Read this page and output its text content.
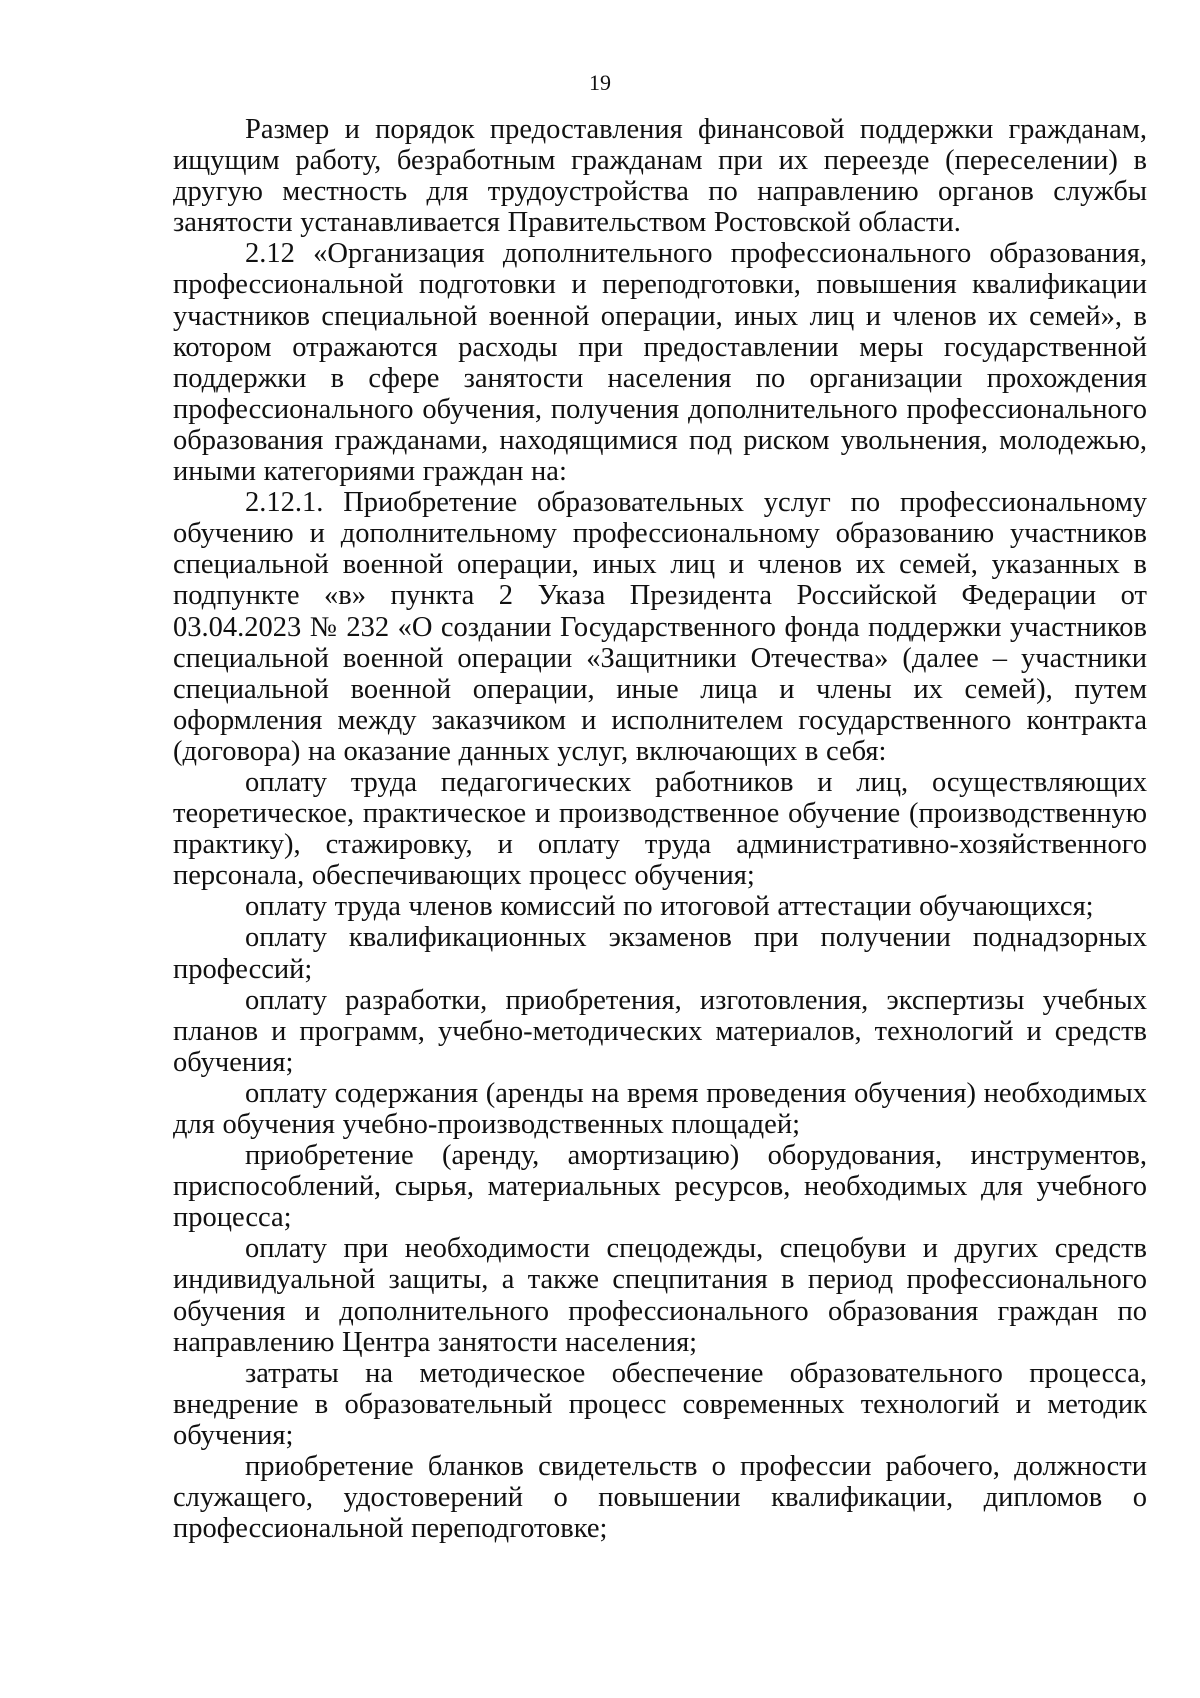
19

Размер и порядок предоставления финансовой поддержки гражданам, ищущим работу, безработным гражданам при их переезде (переселении) в другую местность для трудоустройства по направлению органов службы занятости устанавливается Правительством Ростовской области.

2.12 «Организация дополнительного профессионального образования, профессиональной подготовки и переподготовки, повышения квалификации участников специальной военной операции, иных лиц и членов их семей», в котором отражаются расходы при предоставлении меры государственной поддержки в сфере занятости населения по организации прохождения профессионального обучения, получения дополнительного профессионального образования гражданами, находящимися под риском увольнения, молодежью, иными категориями граждан на:

2.12.1. Приобретение образовательных услуг по профессиональному обучению и дополнительному профессиональному образованию участников специальной военной операции, иных лиц и членов их семей, указанных в подпункте «в» пункта 2 Указа Президента Российской Федерации от 03.04.2023 № 232 «О создании Государственного фонда поддержки участников специальной военной операции «Защитники Отечества» (далее – участники специальной военной операции, иные лица и члены их семей), путем оформления между заказчиком и исполнителем государственного контракта (договора) на оказание данных услуг, включающих в себя:

оплату труда педагогических работников и лиц, осуществляющих теоретическое, практическое и производственное обучение (производственную практику), стажировку, и оплату труда административно-хозяйственного персонала, обеспечивающих процесс обучения;

оплату труда членов комиссий по итоговой аттестации обучающихся;

оплату квалификационных экзаменов при получении поднадзорных профессий;

оплату разработки, приобретения, изготовления, экспертизы учебных планов и программ, учебно-методических материалов, технологий и средств обучения;

оплату содержания (аренды на время проведения обучения) необходимых для обучения учебно-производственных площадей;

приобретение (аренду, амортизацию) оборудования, инструментов, приспособлений, сырья, материальных ресурсов, необходимых для учебного процесса;

оплату при необходимости спецодежды, спецобуви и других средств индивидуальной защиты, а также спецпитания в период профессионального обучения и дополнительного профессионального образования граждан по направлению Центра занятости населения;

затраты на методическое обеспечение образовательного процесса, внедрение в образовательный процесс современных технологий и методик обучения;

приобретение бланков свидетельств о профессии рабочего, должности служащего, удостоверений о повышении квалификации, дипломов о профессиональной переподготовке;
